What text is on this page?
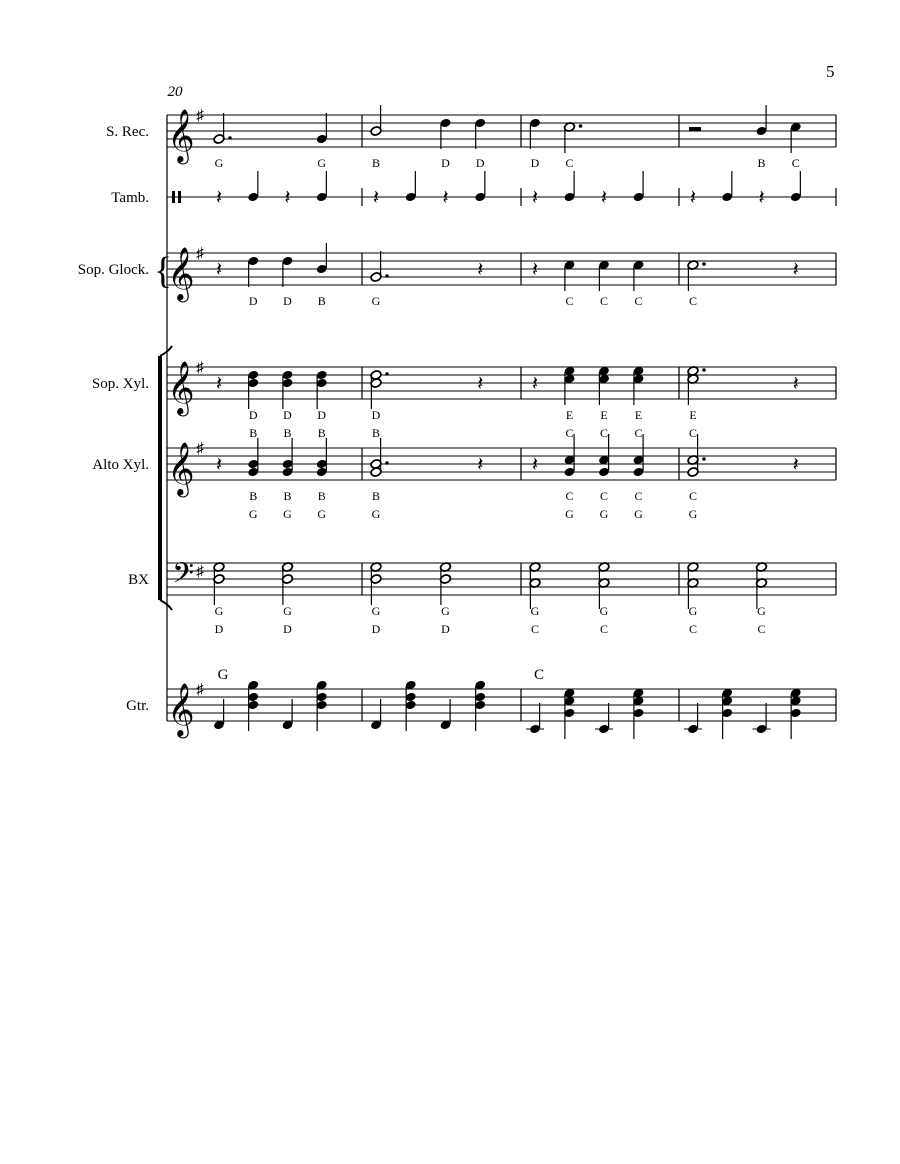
5
20
{
S. Rec. 𝄞 ♯
G	G	B	D D	D C	B C
Tamb.	𝄽	𝄽	𝄽	𝄽	𝄽	𝄽	𝄽	𝄽
Sop. Glock. 𝄞 ♯
𝄽
D D B
𝄽
G
𝄽
C C C
𝄽
C
Sop. Xyl. 𝄞 ♯
𝄽
D D D
B B B
𝄽
D
B
𝄽
E E E
C C C
𝄽
E
C
Alto Xyl. 𝄞 ♯
𝄽
B B B
G G G
𝄽
B
G
𝄽
C C C
G G G
𝄽
C
G
BX 𝄢 ♯
G	G
D	D
G	G
D	D
G	G
C	C
G	G
C	C
Gtr. 𝄞 ♯
G	C
